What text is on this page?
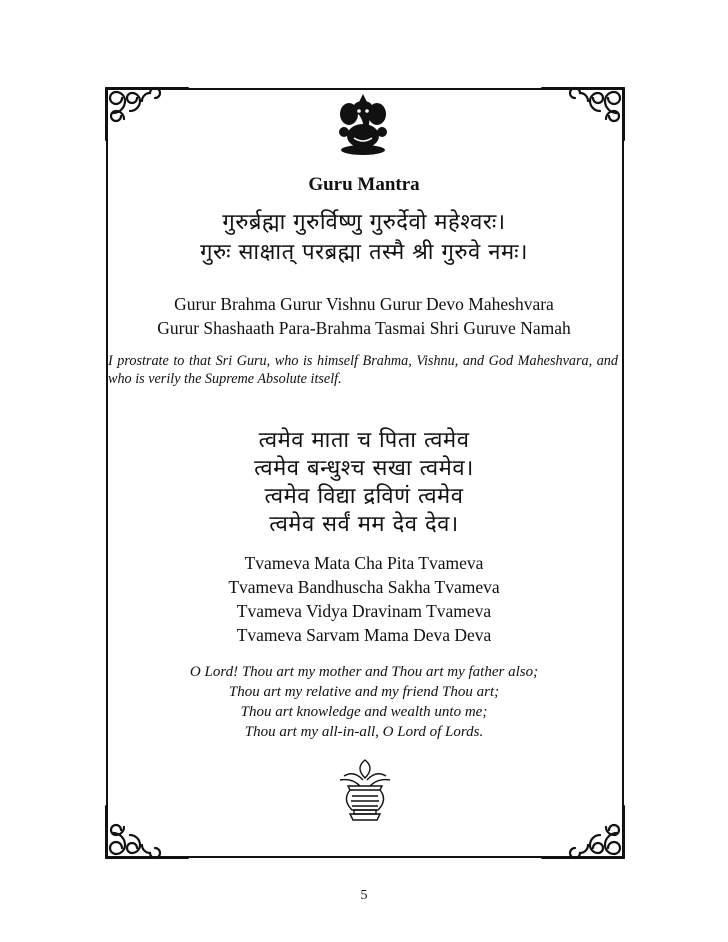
Guru Mantra
गुरुर्ब्रह्मा गुरुर्विष्णु गुरुर्देवो महेश्वरः।
गुरुः साक्षात् परब्रह्मा तस्मै श्री गुरुवे नमः।
Gurur Brahma Gurur Vishnu Gurur Devo Maheshvara
Gurur Shashaath Para-Brahma Tasmai Shri Guruve Namah
I prostrate to that Sri Guru, who is himself Brahma, Vishnu, and God Maheshvara, and who is verily the Supreme Absolute itself.
त्वमेव माता च पिता त्वमेव
त्वमेव बन्धुश्च सखा त्वमेव।
त्वमेव विद्या द्रविणं त्वमेव
त्वमेव सर्वं मम देव देव।
Tvameva Mata Cha Pita Tvameva
Tvameva Bandhuscha Sakha Tvameva
Tvameva Vidya Dravinam Tvameva
Tvameva Sarvam Mama Deva Deva
O Lord! Thou art my mother and Thou art my father also;
Thou art my relative and my friend Thou art;
Thou art knowledge and wealth unto me;
Thou art my all-in-all, O Lord of Lords.
5
